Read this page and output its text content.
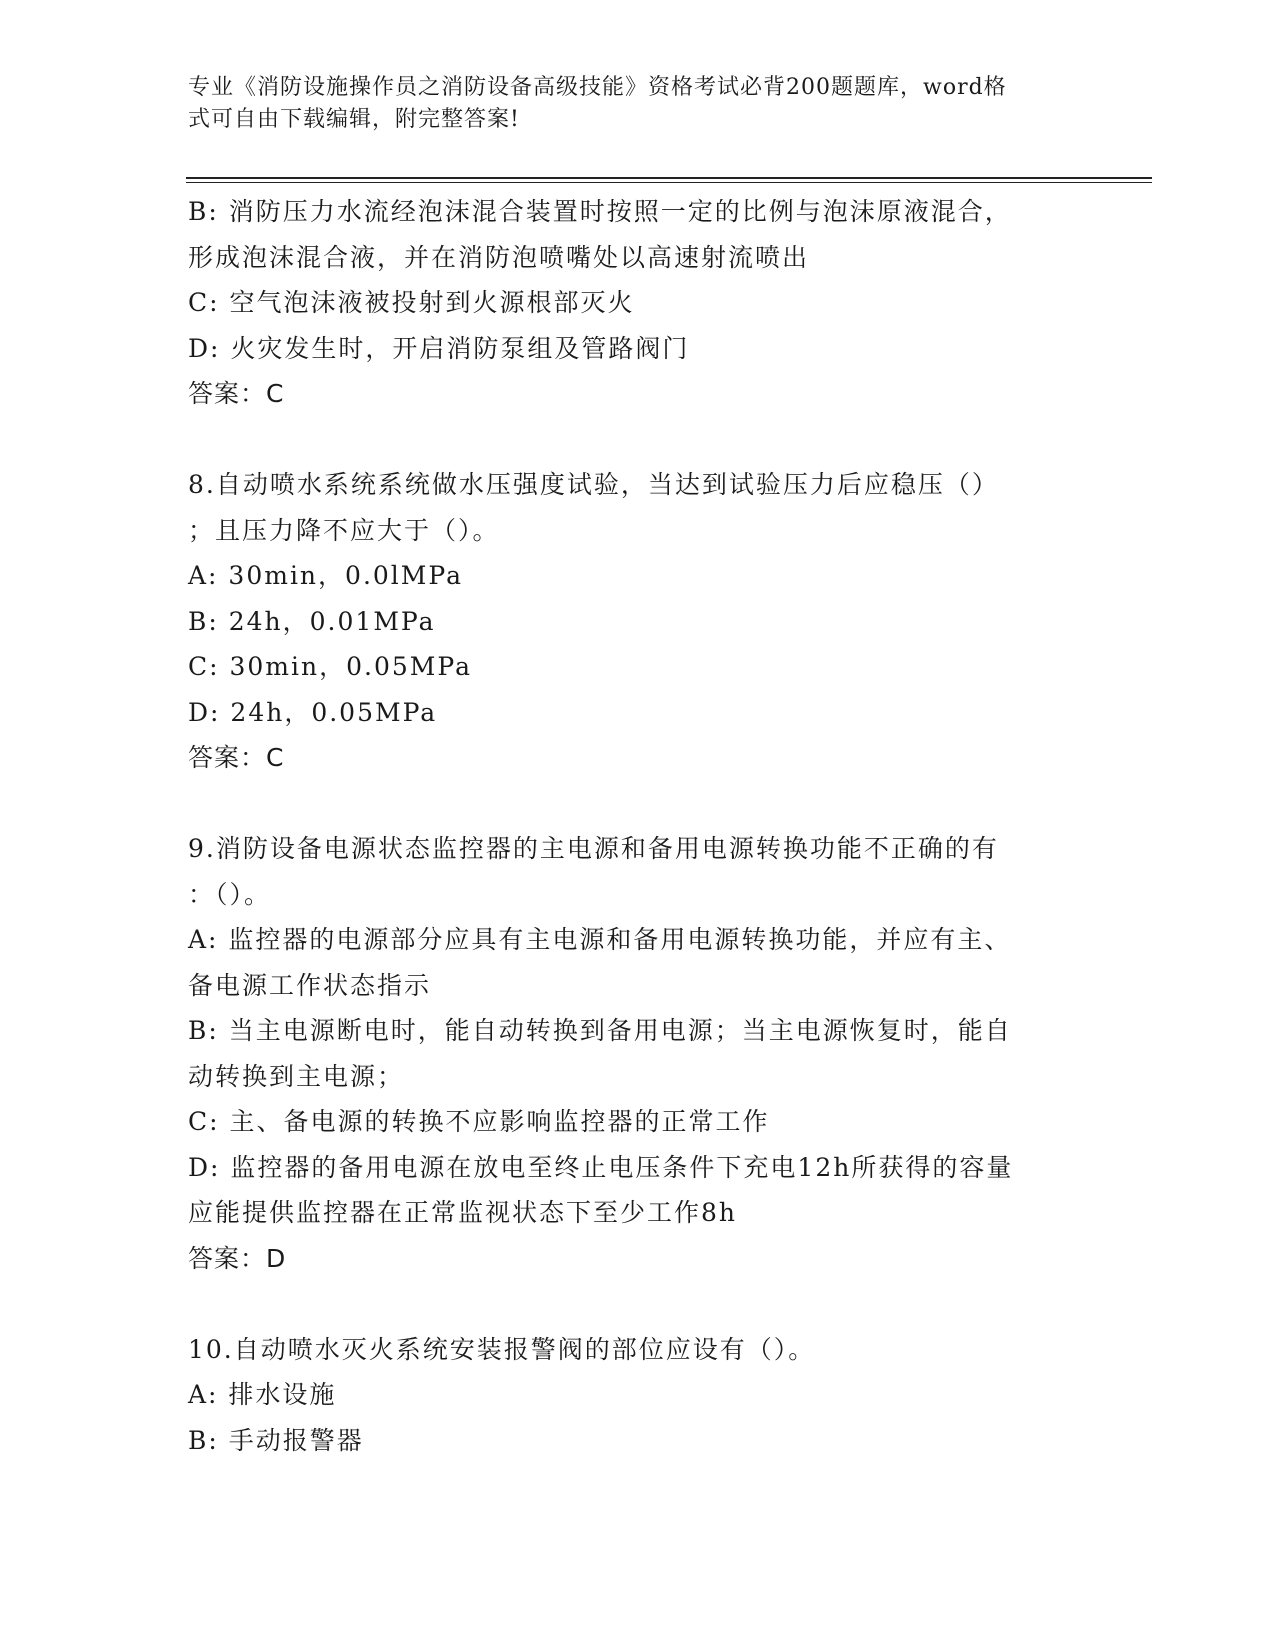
专业《消防设施操作员之消防设备高级技能》资格考试必背200题题库，word格
式可自由下载编辑，附完整答案!
B: 消防压力水流经泡沫混合装置时按照一定的比例与泡沫原液混合，
形成泡沫混合液，并在消防泡喷嘴处以高速射流喷出
C: 空气泡沫液被投射到火源根部灭火
D: 火灾发生时，开启消防泵组及管路阀门
答案：C
8.自动喷水系统系统做水压强度试验，当达到试验压力后应稳压（）
；且压力降不应大于（）。
A: 30min，0.0lMPa
B: 24h，0.01MPa
C: 30min，0.05MPa
D: 24h，0.05MPa
答案：C
9.消防设备电源状态监控器的主电源和备用电源转换功能不正确的有
：（）。
A: 监控器的电源部分应具有主电源和备用电源转换功能，并应有主、
备电源工作状态指示
B: 当主电源断电时，能自动转换到备用电源；当主电源恢复时，能自
动转换到主电源；
C: 主、备电源的转换不应影响监控器的正常工作
D: 监控器的备用电源在放电至终止电压条件下充电12h所获得的容量
应能提供监控器在正常监视状态下至少工作8h
答案：D
10.自动喷水灭火系统安装报警阀的部位应设有（）。
A: 排水设施
B: 手动报警器
